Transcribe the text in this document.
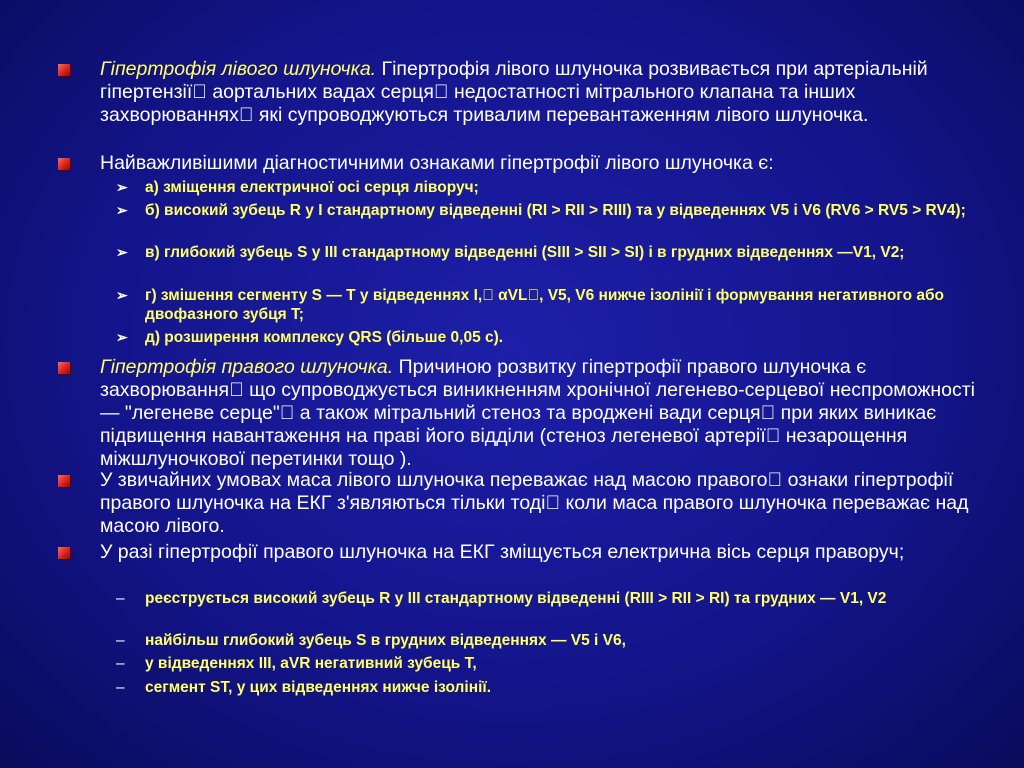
Гіпертрофія лівого шлуночка. Гіпертрофія лівого шлуночка розвивається при артеріальній гіпертензії аортальних вадах серця недостатності мітрального клапана та інших захворюваннях які супроводжуються тривалим перевантаженням лівого шлуночка.
Найважливішими діагностичними ознаками гіпертрофії лівого шлуночка є:
➢ а) зміщення електричної осі серця ліворуч;
➢ б) високий зубець R у I стандартному відведенні (RI > RII > RIII) та у відведеннях V5 і V6 (RV6 > RV5 > RV4);
➢ в) глибокий зубець S у III стандартному відведенні (SIII > SII > SI) і в грудних відведеннях —V1, V2;
➢ г) змішення сегменту S — T у відведеннях I, αVL , V5, V6 нижче ізолінії і формування негативного або двофазного зубця T;
➢ д) розширення комплексу QRS (більше 0,05 с).
Гіпертрофія правого шлуночка. Причиною розвитку гіпертрофії правого шлуночка є захворювання що супроводжується виникненням хронічної легенево-серцевої неспроможності — "легеневе серце" а також мітральний стеноз та вроджені вади серця при яких виникає підвищення навантаження на праві його відділи (стеноз легеневої артерії незарощення міжшлуночкової перетинки тощо ).
У звичайних умовах маса лівого шлуночка переважає над масою правого ознаки гіпертрофії правого шлуночка на ЕКГ з'являються тільки тоді коли маса правого шлуночка переважає над масою лівого.
У разі гіпертрофії правого шлуночка на ЕКГ зміщується електрична вісь серця праворуч;
– реєструється високий зубець R у III стандартному відведенні (RIII > RII > RI) та грудних — V1, V2
– найбільш глибокий зубець S в грудних відведеннях — V5 і V6,
– у відведеннях III, aVR негативний зубець T,
– сегмент ST, у цих відведеннях нижче ізолінії.
